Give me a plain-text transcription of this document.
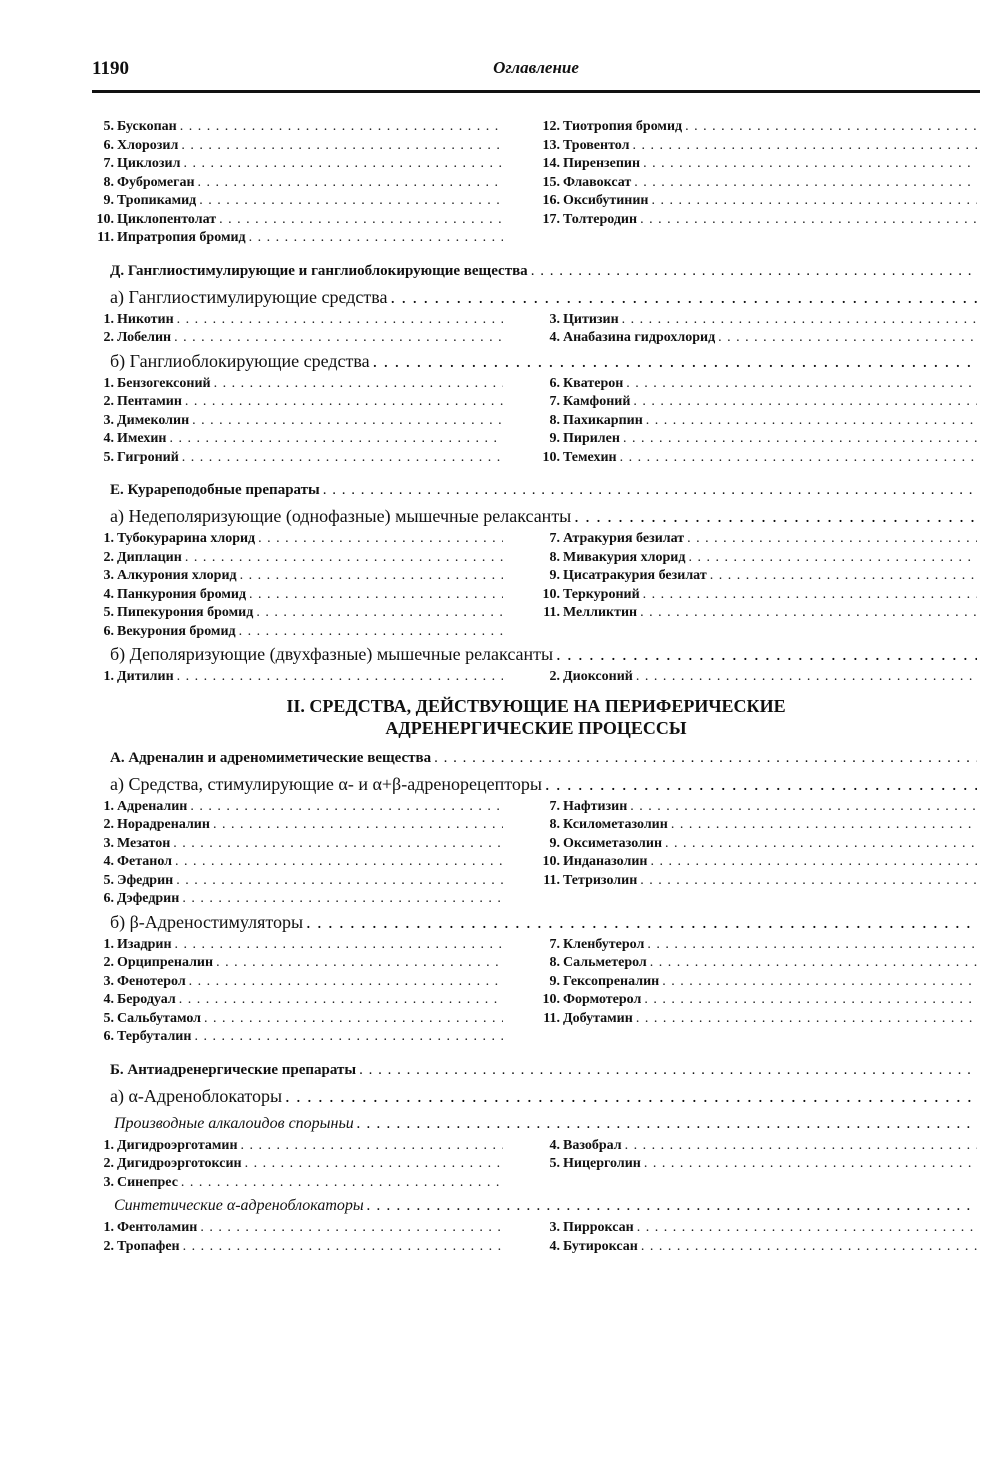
1190	Оглавление
5. Бускопан
. . .
6. Хлорозил
. . .
7. Циклозил
. . .
8. Фубромеган
. . .
9. Тропикамид
. . .
10. Циклопентолат
. . .
11. Ипратропия бромид
. . .
12. Тиотропия бромид
. . .
13. Тровентол
. . .
14. Пирензепин
. . .
15. Флавоксат
. . .
16. Оксибутинин
. . .
17. Толтеродин
. . .
Д. Ганглиостимулирующие и ганглиоблокирующие вещества
. . .
а) Ганглиостимулирующие средства
. . .
1. Никотин
. . .
2. Лобелин
. . .
3. Цитизин
. . .
4. Анабазина гидрохлорид
. . .
б) Ганглиоблокирующие средства
. . .
1. Бензогексоний
. . .
2. Пентамин
. . .
3. Димеколин
. . .
4. Имехин
. . .
5. Гигроний
. . .
6. Кватерон
. . .
7. Камфоний
. . .
8. Пахикарпин
. . .
9. Пирилен
. . .
10. Темехин
. . .
Е. Курареподобные препараты
. . .
а) Недеполяризующие (однофазные) мышечные релаксанты
. . .
1. Тубокурарина хлорид
. . .
2. Диплацин
. . .
3. Алкурония хлорид
. . .
4. Панкурония бромид
. . .
5. Пипекурония бромид
. . .
6. Векурония бромид
. . .
7. Атракурия безилат
. . .
8. Мивакурия хлорид
. . .
9. Цисатракурия безилат
. . .
10. Теркуроний
. . .
11. Мелликтин
. . .
б) Деполяризующие (двухфазные) мышечные релаксанты
. . .
1. Дитилин
. . .	2. Диоксоний
. . .
II. СРЕДСТВА, ДЕЙСТВУЮЩИЕ НА ПЕРИФЕРИЧЕСКИЕ
АДРЕНЕРГИЧЕСКИЕ ПРОЦЕССЫ
А. Адреналин и адреномиметические вещества
. . .
а) Средства, стимулирующие α- и α+β-адренорецепторы
. . .
1. Адреналин
. . .
2. Норадреналин
. . .
3. Мезатон
. . .
4. Фетанол
. . .
5. Эфедрин
. . .
6. Дэфедрин
. . .
7. Нафтизин
. . .
8. Ксилометазолин
. . .
9. Оксиметазолин
. . .
10. Инданазолин
. . .
11. Тетризолин
. . .
б) β-Адреностимуляторы
. . .
1. Изадрин
. . .
2. Орципреналин
. . .
3. Фенотерол
. . .
4. Беродуал
. . .
5. Сальбутамол
. . .
6. Тербуталин
. . .
7. Кленбутерол
. . .
8. Сальметерол
. . .
9. Гексопреналин
. . .
10. Формотерол
. . .
11. Добутамин
. . .
Б. Антиадренергические препараты
. . .
а) α-Адреноблокаторы
. . .
Производные алкалоидов спорыньи
. . .
1. Дигидроэрготамин
. . .
2. Дигидроэрготоксин
. . .
3. Синепрес
. . .
4. Вазобрал
. . .
5. Ницерголин
. . .
Синтетические α-адреноблокаторы
. . .
1. Фентоламин
. . .
2. Тропафен
. . .
3. Пирроксан
. . .
4. Бутироксан
. . .
